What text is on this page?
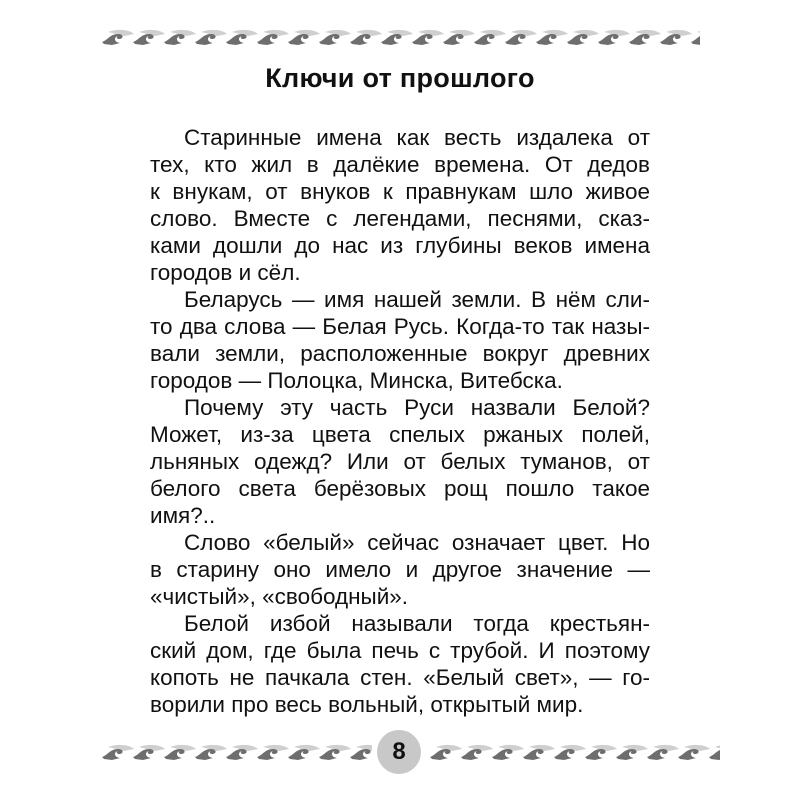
Ключи от прошлого
Старинные имена как весть издалека от
тех, кто жил в далёкие времена. От дедов
к внукам, от внуков к правнукам шло живое
слово. Вместе с легендами, песнями, сказ-
ками дошли до нас из глубины веков имена
городов и сёл.
Беларусь — имя нашей земли. В нём сли-
то два слова — Белая Русь. Когда-то так назы-
вали земли, расположенные вокруг древних
городов — Полоцка, Минска, Витебска.
Почему эту часть Руси назвали Белой?
Может, из-за цвета спелых ржаных полей,
льняных одежд? Или от белых туманов, от
белого света берёзовых рощ пошло такое
имя?..
Слово «белый» сейчас означает цвет. Но
в старину оно имело и другое значение —
«чистый», «свободный».
Белой избой называли тогда крестьян-
ский дом, где была печь с трубой. И поэтому
копоть не пачкала стен. «Белый свет», — го-
ворили про весь вольный, открытый мир.
8
